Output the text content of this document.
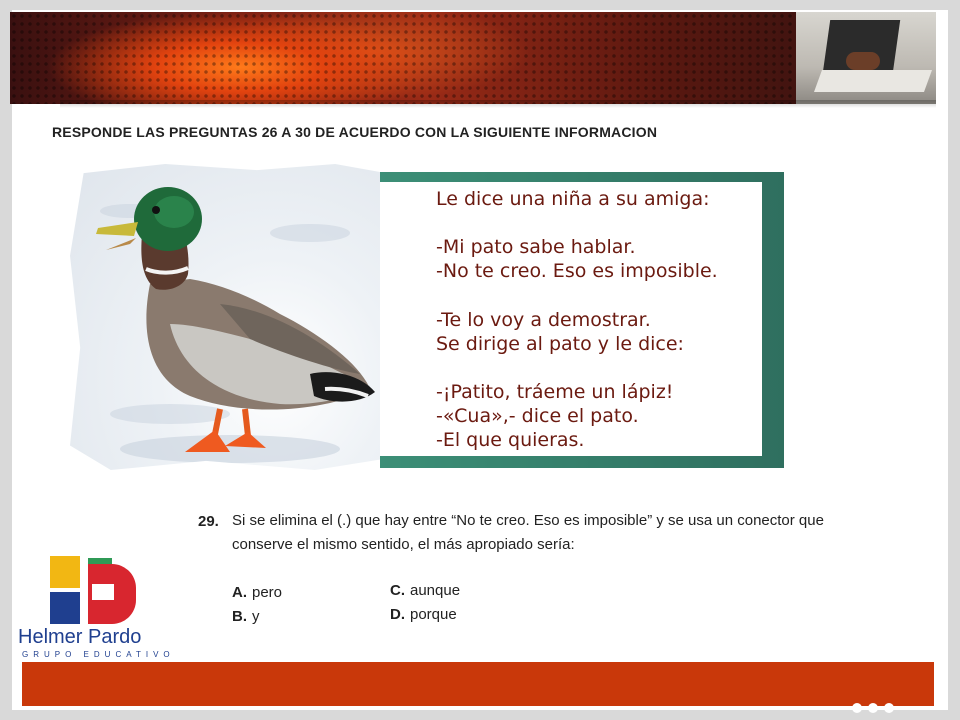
RESPONDE LAS PREGUNTAS 26 A 30 DE ACUERDO CON LA SIGUIENTE INFORMACION
Le dice una niña a su amiga:
-Mi pato sabe hablar.
-No te creo. Eso es imposible.
-Te lo voy a demostrar.
Se dirige al pato y le dice:
-¡Patito, tráeme un lápiz!
-«Cua»,- dice el pato.
-El que quieras.
29. Si se elimina el (.) que hay entre “No te creo. Eso es imposible” y se usa un conector que
conserve el mismo sentido, el más apropiado sería:
A. pero
B. y
C. aunque
D. porque
Helmer Pardo
GRUPO EDUCATIVO
